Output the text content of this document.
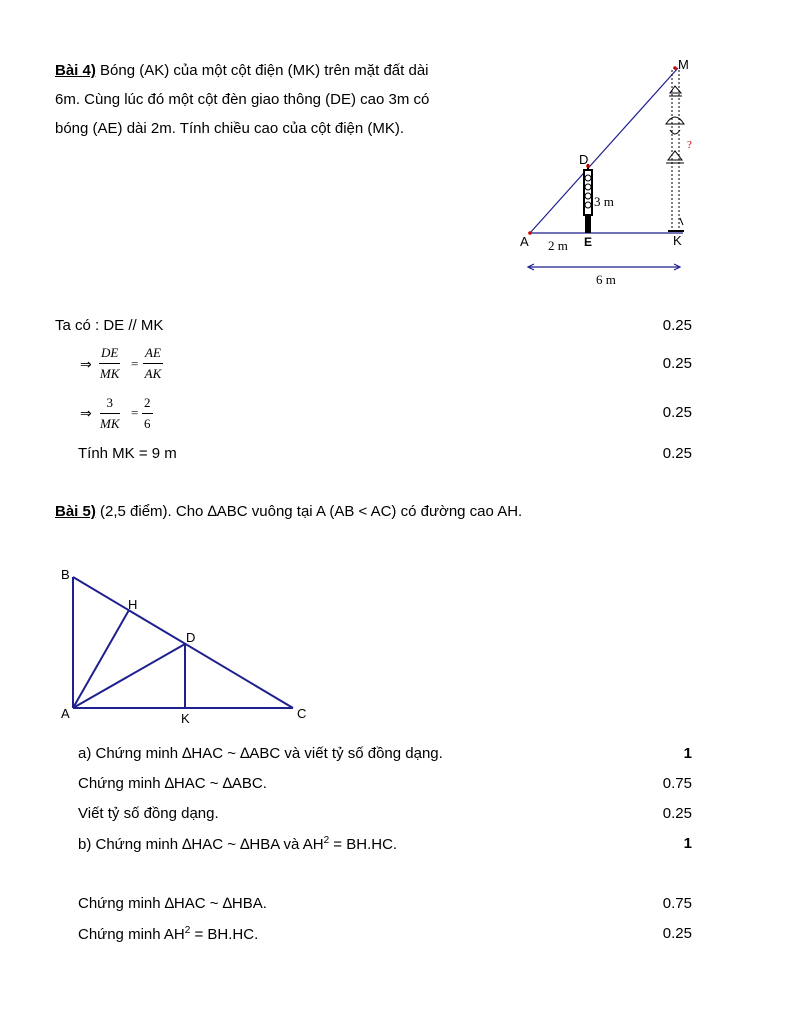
Bài 4) Bóng (AK) của một cột điện (MK) trên mặt đất dài
6m. Cùng lúc đó một cột đèn giao thông (DE) cao 3m có
bóng (AE) dài 2m. Tính chiều cao của cột điện (MK).
M
D
A	E	K
?
3 m
2 m
6 m
Ta có : DE // MK	0.25
⇒ $\frac{DE}{MK} = \frac{AE}{AK}$	0.25
⇒ $\frac{3}{MK} = \frac{2}{6}$	0.25
Tính MK = 9 m	0.25
Bài 5) (2,5 điểm). Cho ∆ABC vuông tại A (AB < AC) có đường cao AH.
B
H
D
A	K	C
a) Chứng minh ∆HAC ~ ∆ABC và viết tỷ số đồng dạng.	1
Chứng minh ∆HAC ~ ∆ABC.	0.75
Viết tỷ số đồng dạng.	0.25
b) Chứng minh ∆HAC ~ ∆HBA và $AH^2 = BH.HC$.	1
Chứng minh ∆HAC ~ ∆HBA.	0.75
Chứng minh $AH^2 = BH.HC$.	0.25
